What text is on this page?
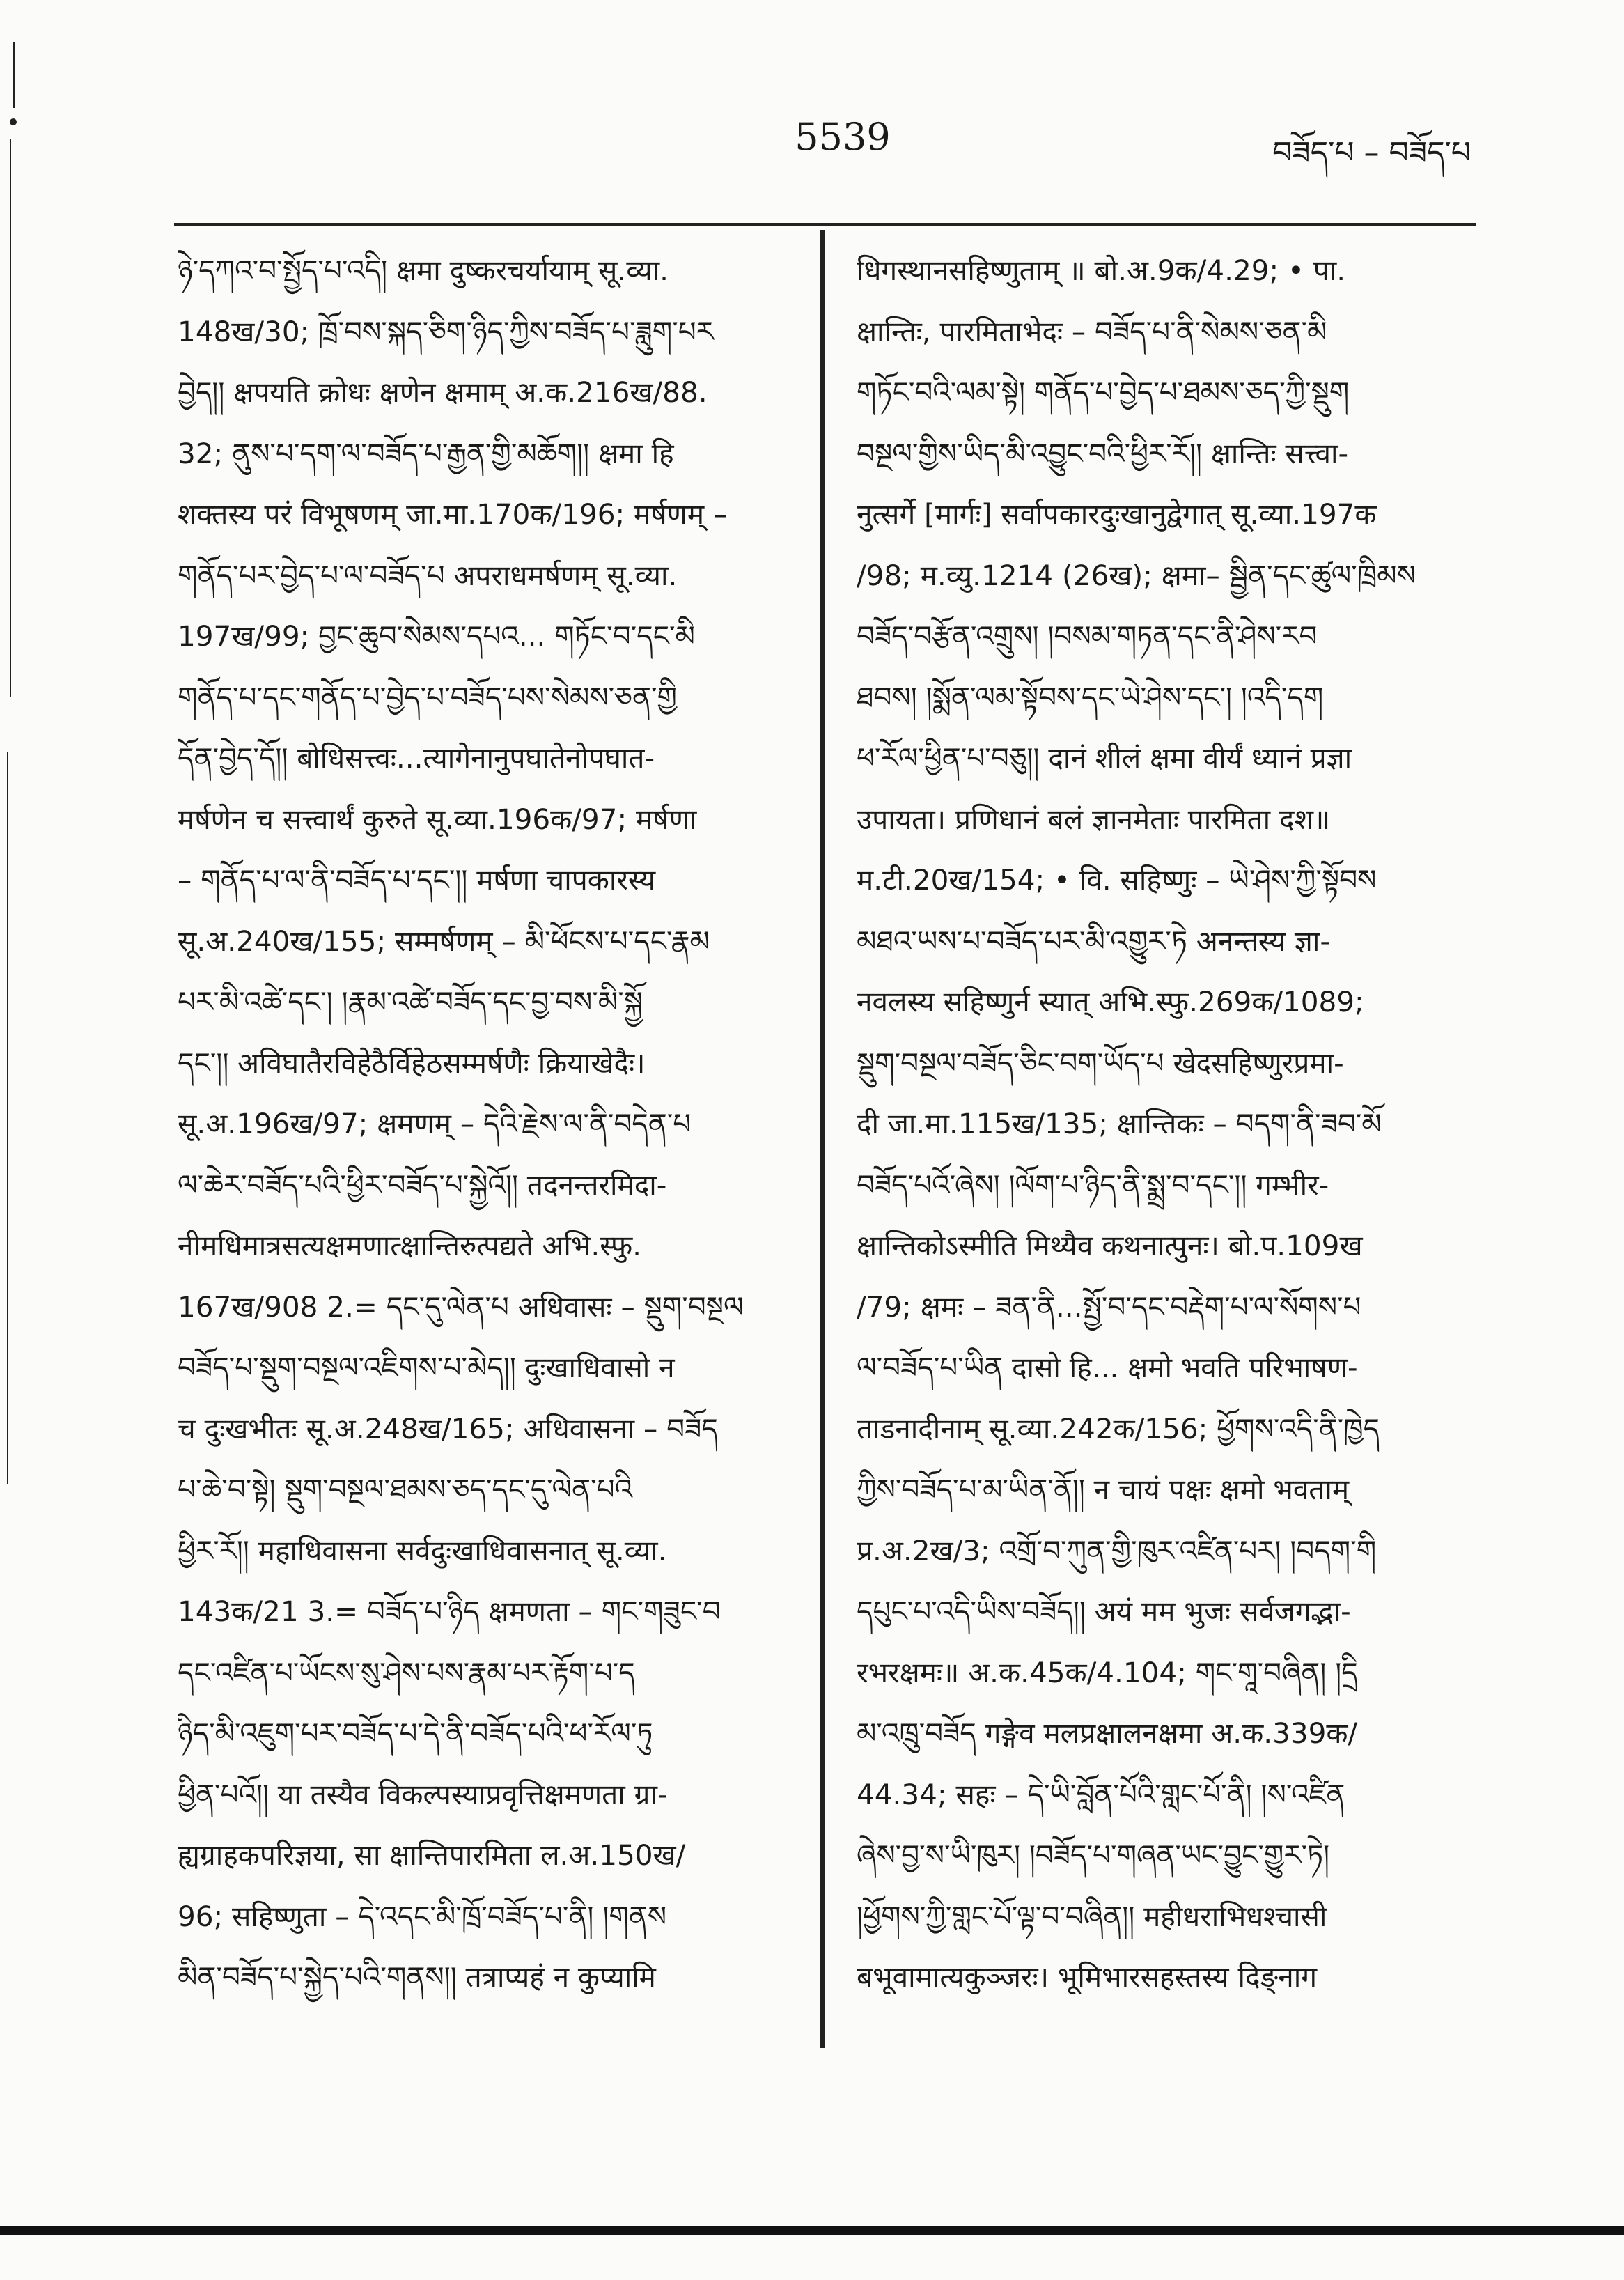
5539	བཟོད་པ – བཟོད་པ
ཉེ་དཀའ་བ་སྤྱོད་པ་འདི། क्षमा दुष्करचर्यायाम् सू.व्या.
148ख/30; ཁྲོ་བས་སྐད་ཅིག་ཉིད་ཀྱིས་བཟོད་པ་ཟླུག་པར
བྱེད།། क्षपयति क्रोधः क्षणेन क्षमाम् अ.क.216ख/88.
32; ནུས་པ་དག་ལ་བཟོད་པ་རྒྱན་གྱི་མཆོག།། क्षमा हि
शक्तस्य परं विभूषणम् जा.मा.170क/196; मर्षणम् –
གནོད་པར་བྱེད་པ་ལ་བཟོད་པ अपराधमर्षणम् सू.व्या.
197ख/99; བྱང་ཆུབ་སེམས་དཔའ... གཏོང་བ་དང་མི
གནོད་པ་དང་གནོད་པ་བྱེད་པ་བཟོད་པས་སེམས་ཅན་གྱི
དོན་བྱེད་དོ།། बोधिसत्त्वः...त्यागेनानुपघातेनोपघात-
मर्षणेन च सत्त्वार्थं कुरुते सू.व्या.196क/97; मर्षणा
– གནོད་པ་ལ་ནི་བཟོད་པ་དང་།། मर्षणा चापकारस्य
सू.अ.240ख/155; सम्मर्षणम् – མི་ཕོངས་པ་དང་རྣམ
པར་མི་འཚེ་དང་། །རྣམ་འཚེ་བཟོད་དང་བྱ་བས་མི་སྐྱོ
དང་།། अविघातैरविहेठैर्विहेठसम्मर्षणैः क्रियाखेदैः।
सू.अ.196ख/97; क्षमणम् – དེའི་རྗེས་ལ་ནི་བདེན་པ
ལ་ཆེར་བཟོད་པའི་ཕྱིར་བཟོད་པ་སྐྱེའོ།། तदनन्तरमिदा-
नीमधिमात्रसत्यक्षमणात्क्षान्तिरुत्पद्यते अभि.स्फु.
167ख/908 2.= དང་དུ་ལེན་པ अधिवासः – སྡུག་བསྔལ
བཟོད་པ་སྡུག་བསྔལ་འཇིགས་པ་མེད།། दुःखाधिवासो न
च दुःखभीतः सू.अ.248ख/165; अधिवासना – བཟོད
པ་ཆེ་བ་སྟེ། སྡུག་བསྔལ་ཐམས་ཅད་དང་དུ་ལེན་པའི
ཕྱིར་རོ།། महाधिवासना सर्वदुःखाधिवासनात् सू.व्या.
143क/21 3.= བཟོད་པ་ཉིད क्षमणता – གང་གཟུང་བ
དང་འཛིན་པ་ཡོངས་སུ་ཤེས་པས་རྣམ་པར་རྟོག་པ་ད
ཉིད་མི་འཇུག་པར་བཟོད་པ་དེ་ནི་བཟོད་པའི་ཕ་རོལ་ཏུ
ཕྱིན་པའོ།། या तस्यैव विकल्पस्याप्रवृत्तिक्षमणता ग्रा-
ह्यग्राहकपरिज्ञया, सा क्षान्तिपारमिता ल.अ.150ख/
96; सहिष्णुता – དེ་འདང་མི་ཁྲོ་བཟོད་པ་ནི། །གནས
མིན་བཟོད་པ་སྐྱེད་པའི་གནས།། तत्राप्यहं न कुप्यामि
धिगस्थानसहिष्णुताम् ॥ बो.अ.9क/4.29; • पा.
क्षान्तिः, पारमिताभेदः – བཟོད་པ་ནི་སེམས་ཅན་མི
གཏོང་བའི་ལམ་སྟེ། གནོད་པ་བྱེད་པ་ཐམས་ཅད་ཀྱི་སྡུག
བསྔལ་གྱིས་ཡིད་མི་འབྱུང་བའི་ཕྱིར་རོ།། क्षान्तिः सत्त्वा-
नुत्सर्गे [मार्गः] सर्वापकारदुःखानुद्वेगात् सू.व्या.197क
/98; म.व्यु.1214 (26ख); क्षमा– སྦྱིན་དང་ཚུལ་ཁྲིམས
བཟོད་བརྩོན་འགྲུས། །བསམ་གཏན་དང་ནི་ཤེས་རབ
ཐབས། །སྨོན་ལམ་སྟོབས་དང་ཡེ་ཤེས་དང་། །འདི་དག
ཕ་རོལ་ཕྱིན་པ་བཅུ།། दानं शीलं क्षमा वीर्यं ध्यानं प्रज्ञा
उपायता। प्रणिधानं बलं ज्ञानमेताः पारमिता दश॥
म.टी.20ख/154; • वि. सहिष्णुः – ཡེ་ཤེས་ཀྱི་སྟོབས
མཐའ་ཡས་པ་བཟོད་པར་མི་འགྱུར་ཏེ अनन्तस्य ज्ञा-
नवलस्य सहिष्णुर्न स्यात् अभि.स्फु.269क/1089;
སྡུག་བསྔལ་བཟོད་ཅིང་བག་ཡོད་པ खेदसहिष्णुरप्रमा-
दी जा.मा.115ख/135; क्षान्तिकः – བདག་ནི་ཟབ་མོ
བཟོད་པའོ་ཞེས། །ལོག་པ་ཉིད་ནི་སྨྲ་བ་དང་།། गम्भीर-
क्षान्तिकोऽस्मीति मिथ्यैव कथनात्पुनः। बो.प.109ख
/79; क्षमः – ཟན་ནི...སྤྱོ་བ་དང་བརྡེག་པ་ལ་སོགས་པ
ལ་བཟོད་པ་ཡིན दासो हि... क्षमो भवति परिभाषण-
ताडनादीनाम् सू.व्या.242क/156; ཕྱོགས་འདི་ནི་ཁྱེད
ཀྱིས་བཟོད་པ་མ་ཡིན་ནོ།། न चायं पक्षः क्षमो भवताम्
प्र.अ.2ख/3; འགྲོ་བ་ཀུན་གྱི་ཁུར་འཛིན་པར། །བདག་གི
དཔུང་པ་འདི་ཡིས་བཟོད།། अयं मम भुजः सर्वजगद्भा-
रभरक्षमः॥ अ.क.45क/4.104; གང་གཱ་བཞིན། །དྲི
མ་འཁྲུ་བཟོད गङ्गेव मलप्रक्षालनक्षमा अ.क.339क/
44.34; सहः – དེ་ཡི་བློན་པོའི་གླང་པོ་ནི། །ས་འཛིན
ཞེས་བྱ་ས་ཡི་ཁུར། །བཟོད་པ་གཞན་ཡང་བྱུང་གྱུར་ཏེ།
།ཕྱོགས་ཀྱི་གླང་པོ་ལྟ་བ་བཞིན།། महीधराभिधश्चासी
बभूवामात्यकुञ्जरः। भूमिभारसहस्तस्य दिङ्नाग
